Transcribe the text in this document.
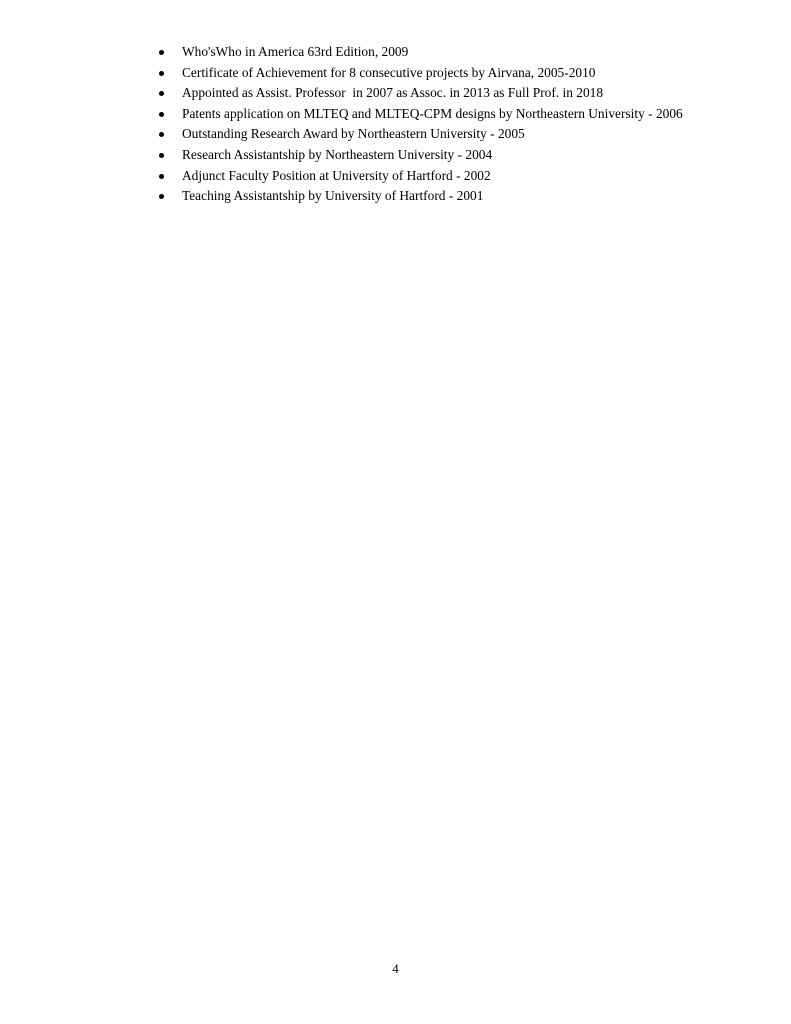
Who'sWho in America 63rd Edition, 2009
Certificate of Achievement for 8 consecutive projects by Airvana, 2005-2010
Appointed as Assist. Professor  in 2007 as Assoc. in 2013 as Full Prof. in 2018
Patents application on MLTEQ and MLTEQ-CPM designs by Northeastern University - 2006
Outstanding Research Award by Northeastern University - 2005
Research Assistantship by Northeastern University - 2004
Adjunct Faculty Position at University of Hartford - 2002
Teaching Assistantship by University of Hartford - 2001
4
